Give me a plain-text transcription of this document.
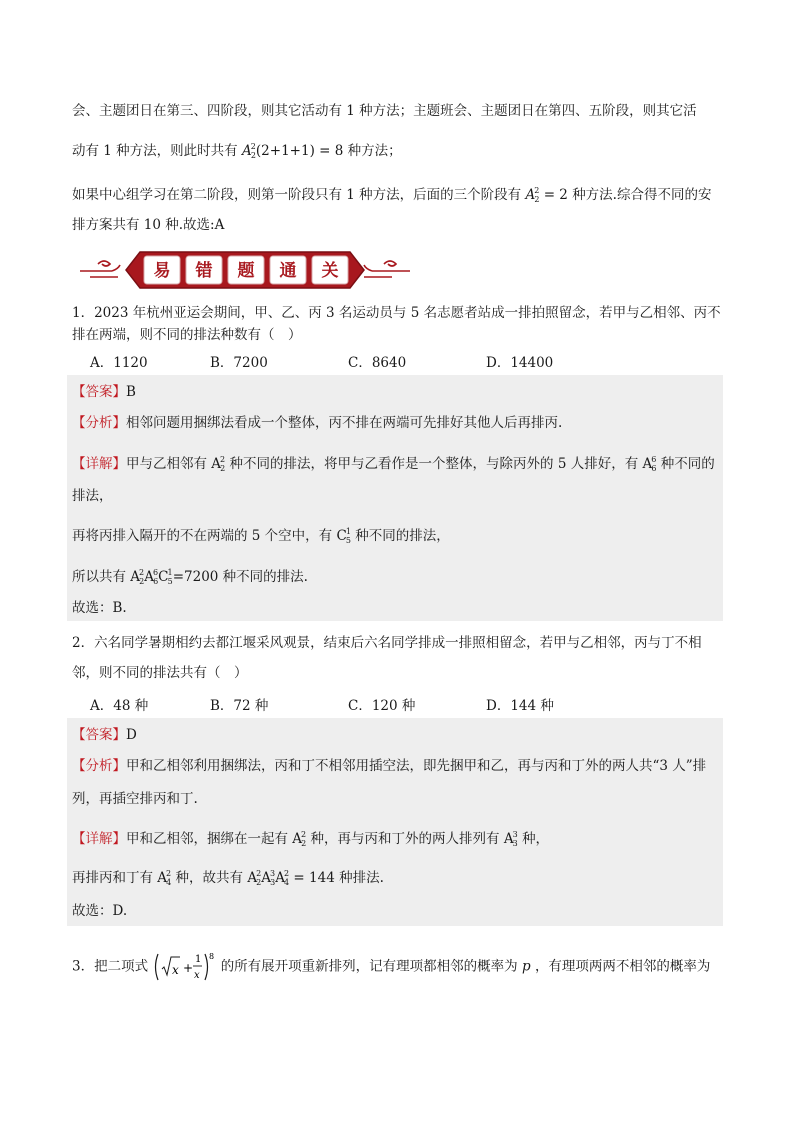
会、主题团日在第三、四阶段，则其它活动有 1 种方法；主题班会、主题团日在第四、五阶段，则其它活
动有 1 种方法，则此时共有 $A^2_2(2+1+1) = 8$ 种方法；
如果中心组学习在第二阶段，则第一阶段只有 1 种方法，后面的三个阶段有 $A^2_2 = 2$ 种方法.综合得不同的安
排方案共有 10 种.故选:A
易 错 题 通 关
1．2023 年杭州亚运会期间，甲、乙、丙 3 名运动员与 5 名志愿者站成一排拍照留念，若甲与乙相邻、丙不
排在两端，则不同的排法种数有（　）
A．1120	B．7200	C．8640	D．14400
【答案】B
【分析】相邻问题用捆绑法看成一个整体，丙不排在两端可先排好其他人后再排丙.
【详解】甲与乙相邻有 $A^2_2$ 种不同的排法，将甲与乙看作是一个整体，与除丙外的 5 人排好，有 $A^6_6$ 种不同的
排法，
再将丙排入隔开的不在两端的 5 个空中，有 $C^1_5$ 种不同的排法，
所以共有 $A^2_2A^6_6C^1_5=7200$ 种不同的排法.
故选：B.
2．六名同学暑期相约去都江堰采风观景，结束后六名同学排成一排照相留念，若甲与乙相邻，丙与丁不相
邻，则不同的排法共有（　）
A．48 种	B．72 种	C．120 种	D．144 种
【答案】D
【分析】甲和乙相邻利用捆绑法，丙和丁不相邻用插空法，即先捆甲和乙，再与丙和丁外的两人共“3 人”排
列，再插空排丙和丁.
【详解】甲和乙相邻，捆绑在一起有 $A^2_2$ 种，再与丙和丁外的两人排列有 $A^3_3$ 种，
再排丙和丁有 $A^2_4$ 种，故共有 $A^2_2A^3_3A^2_4 = 144$ 种排法.
故选：D.
3．把二项式 x +
1
x
8
的所有展开项重新排列，记有理项都相邻的概率为 p ，有理项两两不相邻的概率为
